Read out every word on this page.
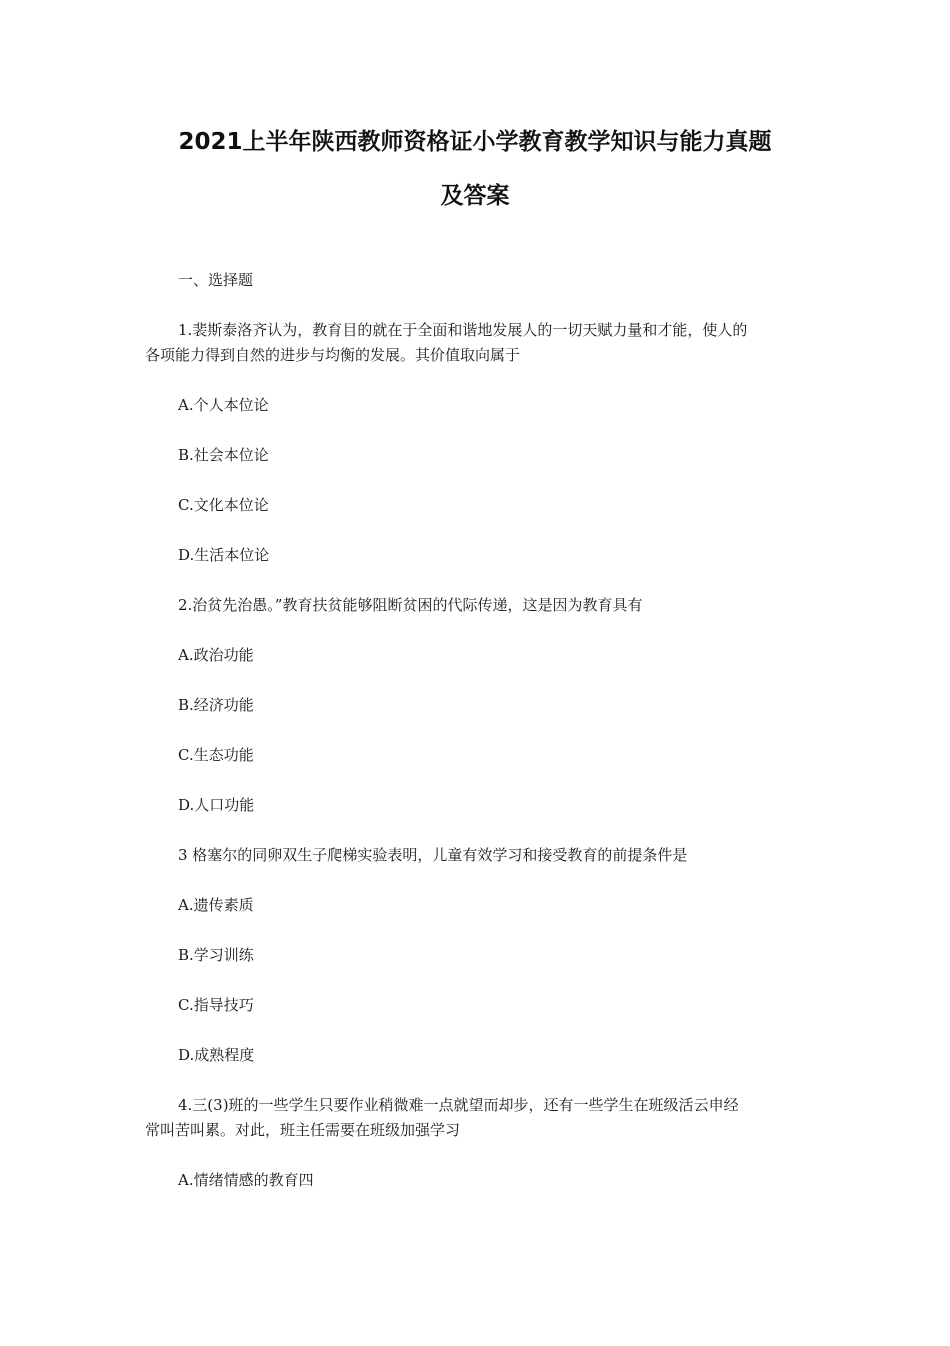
2021上半年陕西教师资格证小学教育教学知识与能力真题
及答案
一、选择题
1.裴斯泰洛齐认为，教育目的就在于全面和谐地发展人的一切天赋力量和才能，使人的
各项能力得到自然的进步与均衡的发展。其价值取向属于
A.个人本位论
B.社会本位论
C.文化本位论
D.生活本位论
2.治贫先治愚。”教育扶贫能够阻断贫困的代际传递，这是因为教育具有
A.政治功能
B.经济功能
C.生态功能
D.人口功能
3 格塞尔的同卵双生子爬梯实验表明，儿童有效学习和接受教育的前提条件是
A.遗传素质
B.学习训练
C.指导技巧
D.成熟程度
4.三(3)班的一些学生只要作业稍微难一点就望而却步，还有一些学生在班级活云申经
常叫苦叫累。对此，班主任需要在班级加强学习
A.情绪情感的教育四
